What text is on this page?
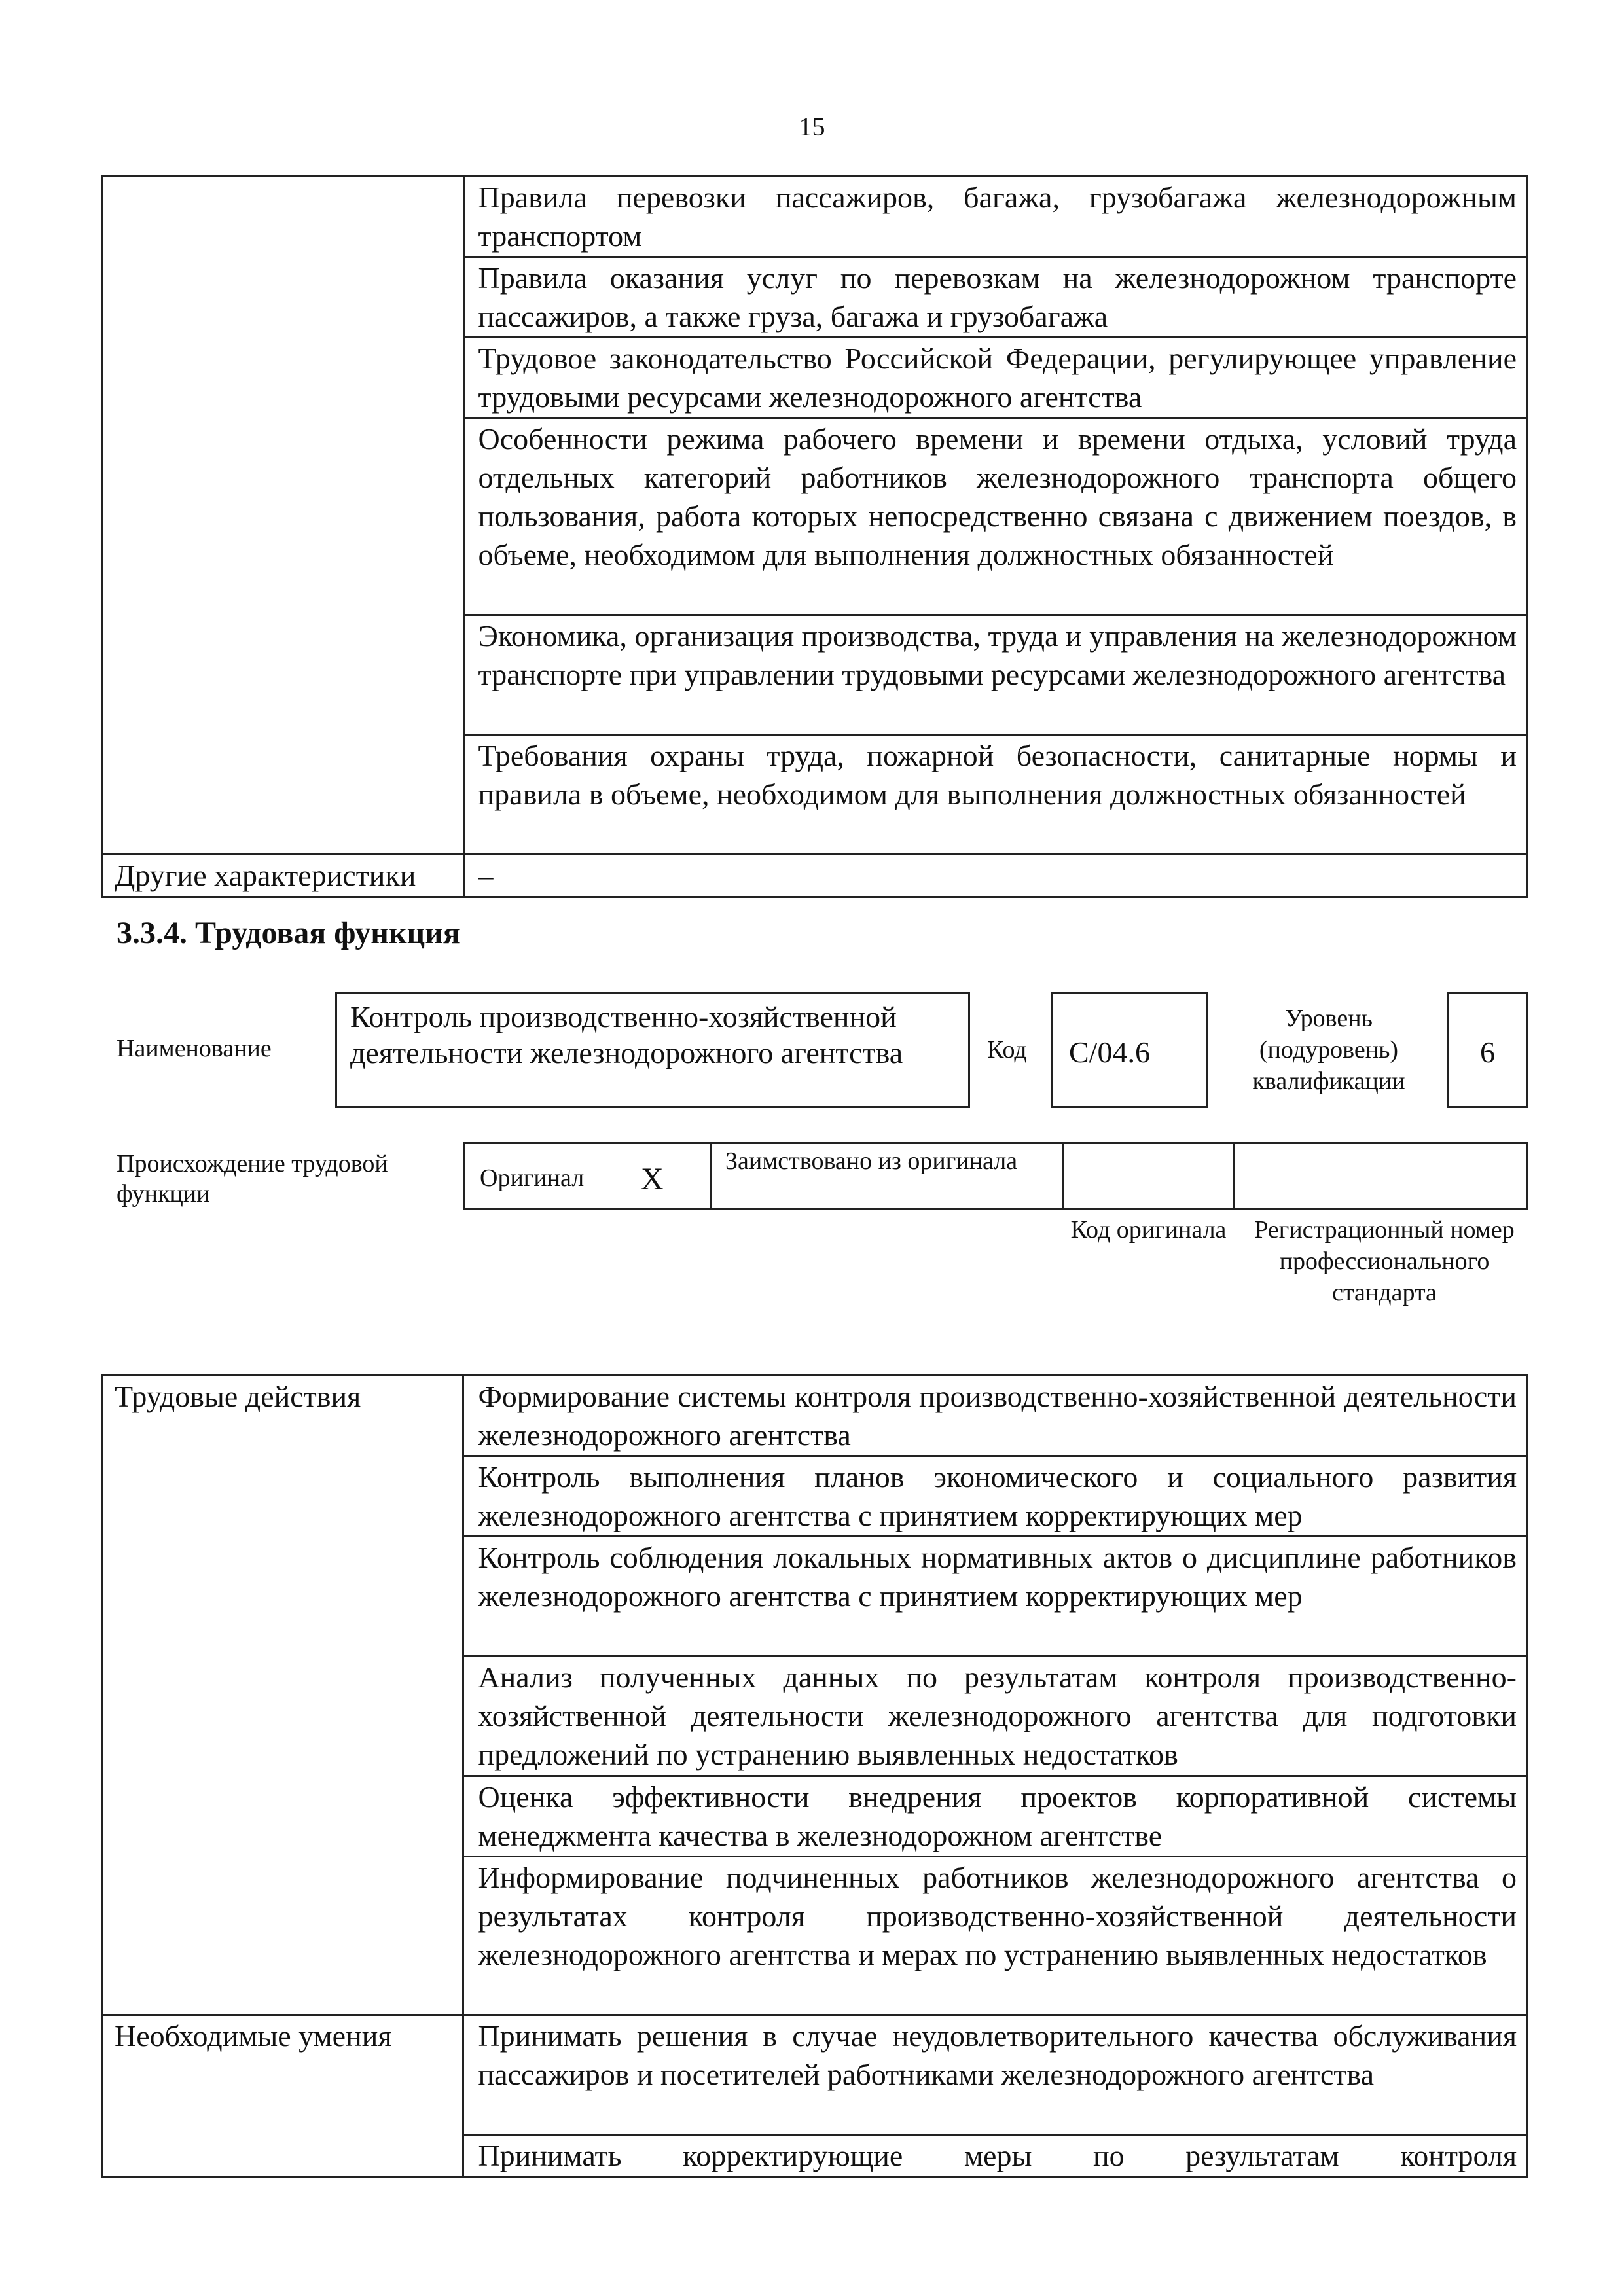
15

	Правила перевозки пассажиров, багажа, грузобагажа железнодорожным транспортом

	Правила оказания услуг по перевозкам на железнодорожном транспорте пассажиров, а также груза, багажа и грузобагажа

	Трудовое законодательство Российской Федерации, регулирующее управление трудовыми ресурсами железнодорожного агентства

	Особенности режима рабочего времени и времени отдыха, условий труда отдельных категорий работников железнодорожного транспорта общего пользования, работа которых непосредственно связана с движением поездов, в объеме, необходимом для выполнения должностных обязанностей

	Экономика, организация производства, труда и управления на железнодорожном транспорте при управлении трудовыми ресурсами железнодорожного агентства

	Требования охраны труда, пожарной безопасности, санитарные нормы и правила в объеме, необходимом для выполнения должностных обязанностей

Другие характеристики	–
3.3.4. Трудовая функция
Наименование
Контроль производственно-хозяйственной деятельности железнодорожного агентства	Код	С/04.6
Уровень (подуровень) квалификации
6
Происхождение трудовой функции
Оригинал X
Заимствовано из оригинала
Код оригинала	Регистрационный номер профессионального стандарта
Трудовые действия	Формирование системы контроля производственно-хозяйственной деятельности железнодорожного агентства

	Контроль выполнения планов экономического и социального развития железнодорожного агентства с принятием корректирующих мер

	Контроль соблюдения локальных нормативных актов о дисциплине работников железнодорожного агентства с принятием корректирующих мер

	Анализ полученных данных по результатам контроля производственно-хозяйственной деятельности железнодорожного агентства для подготовки предложений по устранению выявленных недостатков

	Оценка эффективности внедрения проектов корпоративной системы менеджмента качества в железнодорожном агентстве

	Информирование подчиненных работников железнодорожного агентства о результатах контроля производственно-хозяйственной деятельности железнодорожного агентства и мерах по устранению выявленных недостатков

Необходимые умения	Принимать решения в случае неудовлетворительного качества обслуживания пассажиров и посетителей работниками железнодорожного агентства

	Принимать корректирующие меры по результатам контроля
